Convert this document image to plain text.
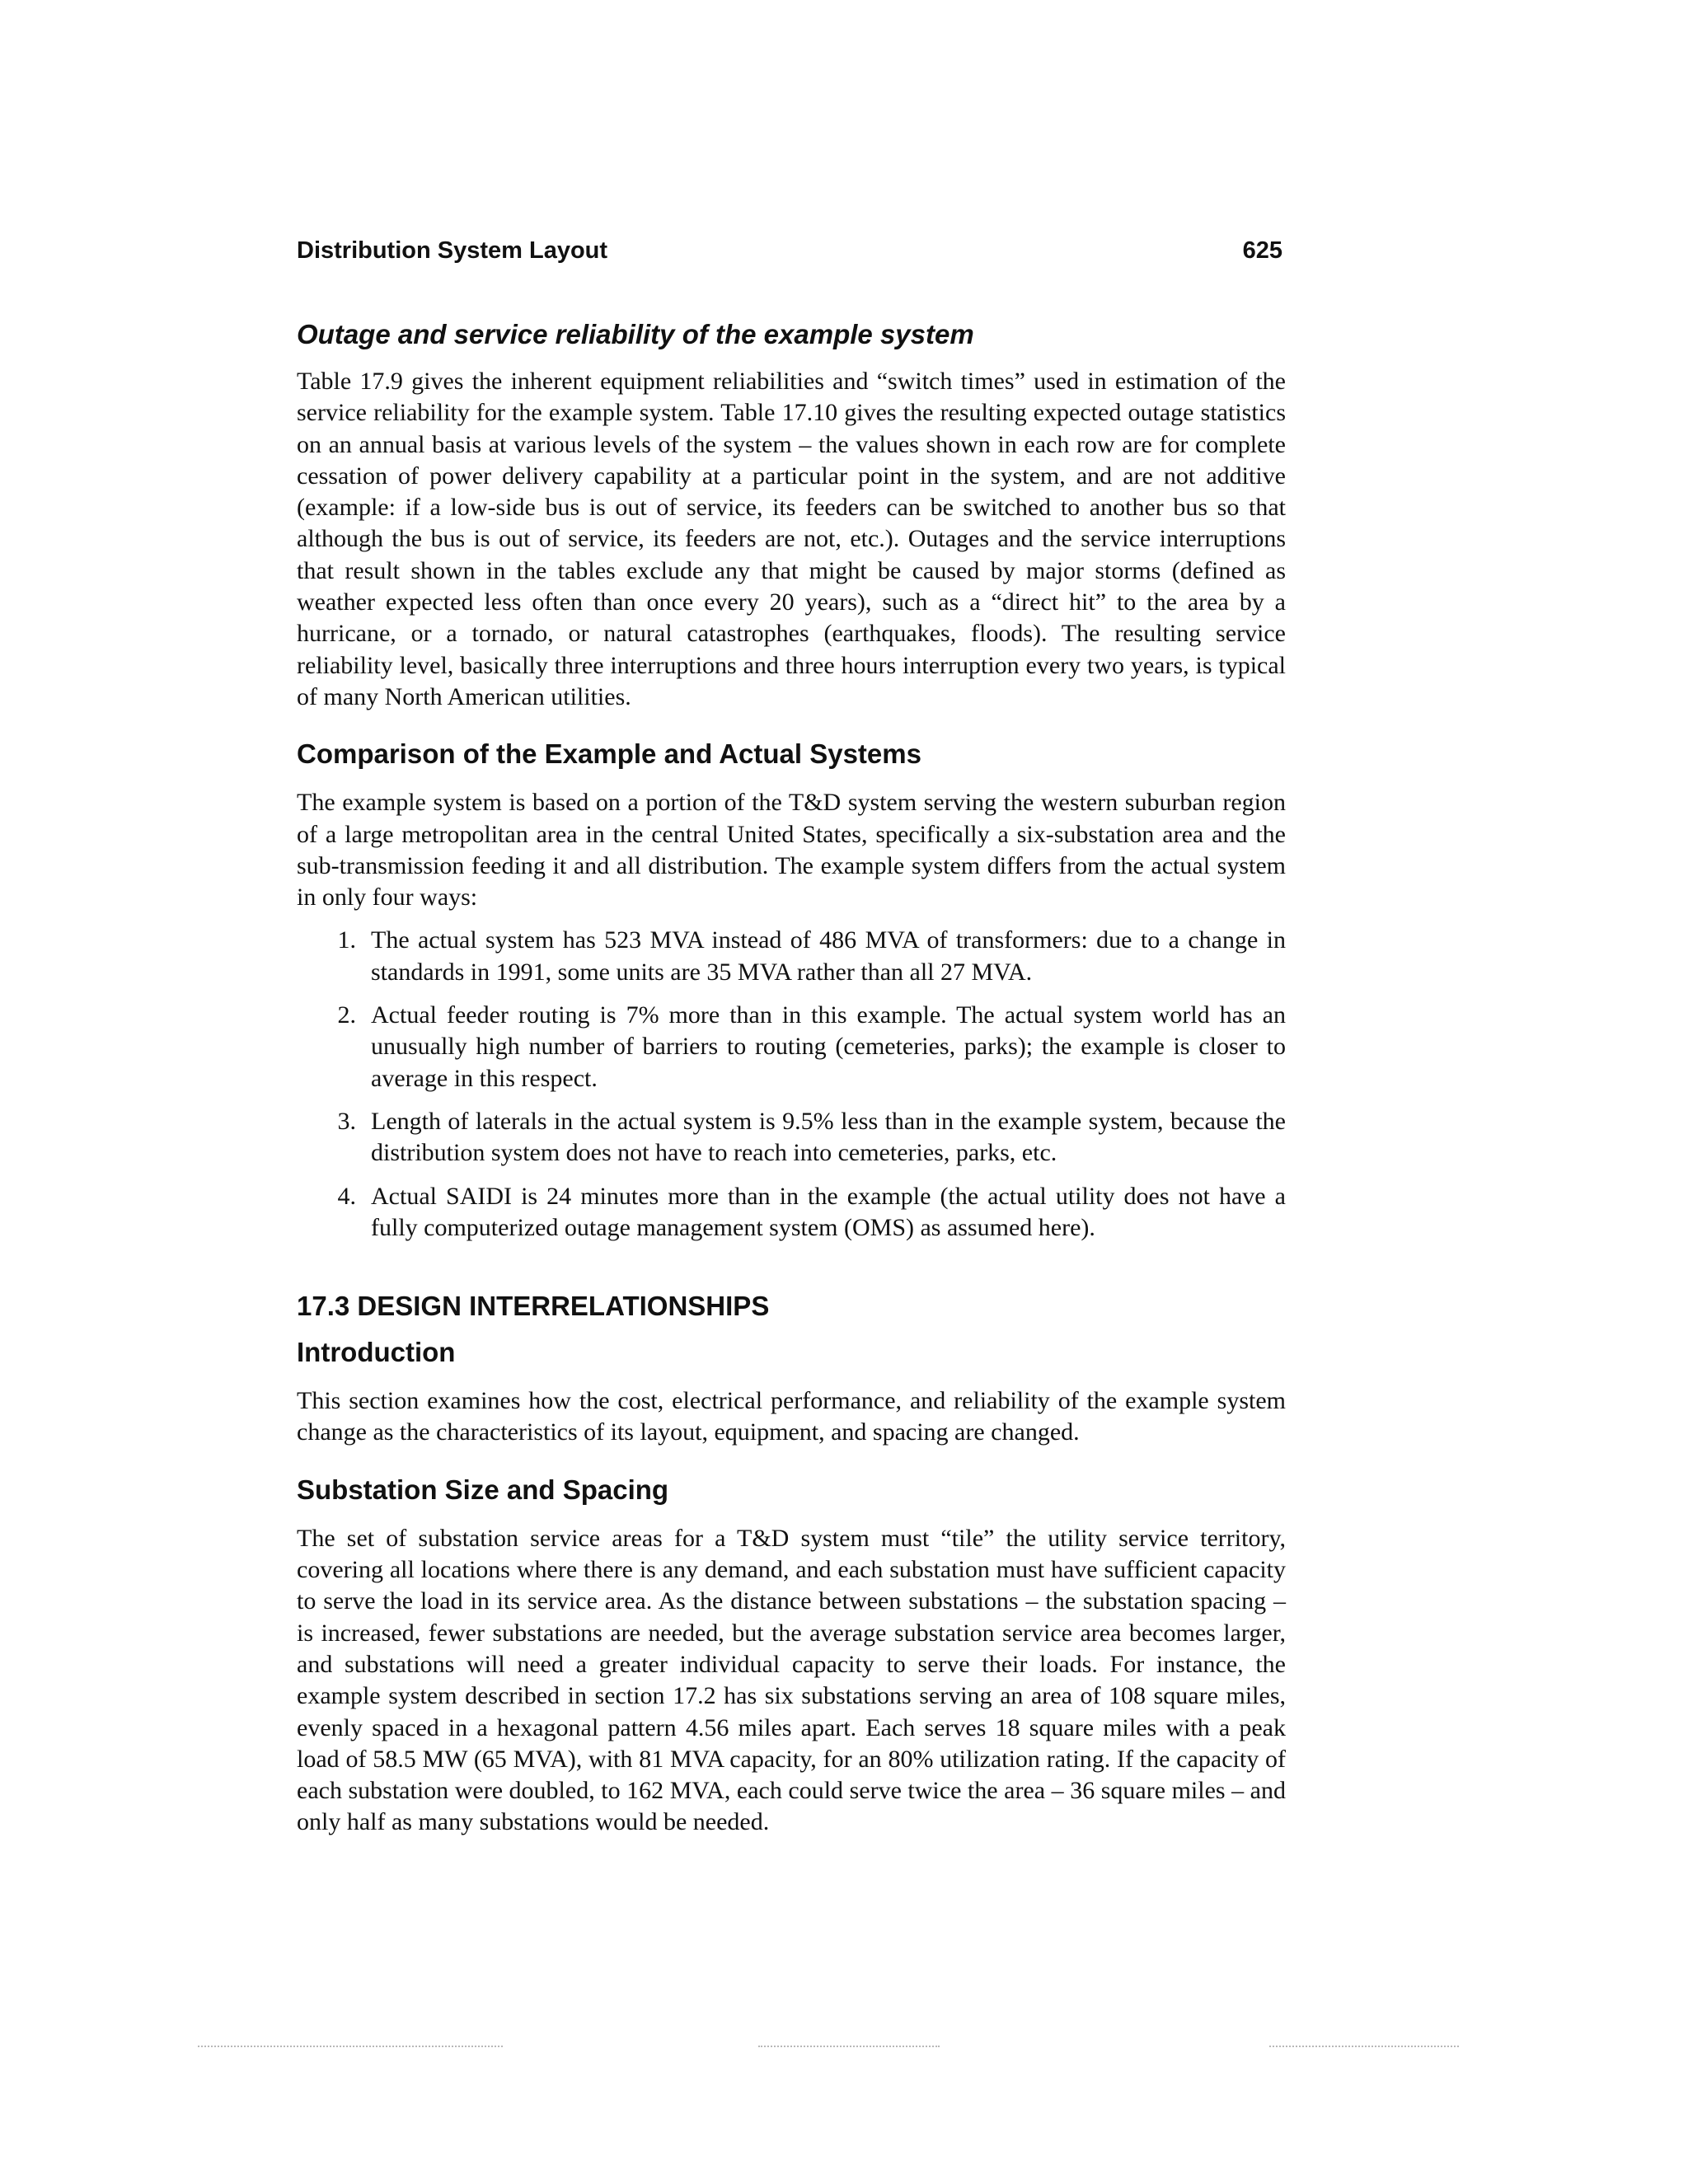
Distribution System Layout	625
Outage and service reliability of the example system

Table 17.9 gives the inherent equipment reliabilities and “switch times” used in estimation of the service reliability for the example system. Table 17.10 gives the resulting expected outage statistics on an annual basis at various levels of the system – the values shown in each row are for complete cessation of power delivery capability at a particular point in the system, and are not additive (example: if a low-side bus is out of service, its feeders can be switched to another bus so that although the bus is out of service, its feeders are not, etc.). Outages and the service interruptions that result shown in the tables exclude any that might be caused by major storms (defined as weather expected less often than once every 20 years), such as a “direct hit” to the area by a hurricane, or a tornado, or natural catastrophes (earthquakes, floods). The resulting service reliability level, basically three interruptions and three hours interruption every two years, is typical of many North American utilities.

Comparison of the Example and Actual Systems

The example system is based on a portion of the T&D system serving the western suburban region of a large metropolitan area in the central United States, specifically a six-substation area and the sub-transmission feeding it and all distribution. The example system differs from the actual system in only four ways:

1. The actual system has 523 MVA instead of 486 MVA of transformers: due to a change in standards in 1991, some units are 35 MVA rather than all 27 MVA.
2. Actual feeder routing is 7% more than in this example. The actual system world has an unusually high number of barriers to routing (cemeteries, parks); the example is closer to average in this respect.
3. Length of laterals in the actual system is 9.5% less than in the example system, because the distribution system does not have to reach into cemeteries, parks, etc.
4. Actual SAIDI is 24 minutes more than in the example (the actual utility does not have a fully computerized outage management system (OMS) as assumed here).
17.3 DESIGN INTERRELATIONSHIPS
Introduction

This section examines how the cost, electrical performance, and reliability of the example system change as the characteristics of its layout, equipment, and spacing are changed.

Substation Size and Spacing

The set of substation service areas for a T&D system must “tile” the utility service territory, covering all locations where there is any demand, and each substation must have sufficient capacity to serve the load in its service area. As the distance between substations – the substation spacing – is increased, fewer substations are needed, but the average substation service area becomes larger, and substations will need a greater individual capacity to serve their loads. For instance, the example system described in section 17.2 has six substations serving an area of 108 square miles, evenly spaced in a hexagonal pattern 4.56 miles apart. Each serves 18 square miles with a peak load of 58.5 MW (65 MVA), with 81 MVA capacity, for an 80% utilization rating. If the capacity of each substation were doubled, to 162 MVA, each could serve twice the area – 36 square miles – and only half as many substations would be needed.
